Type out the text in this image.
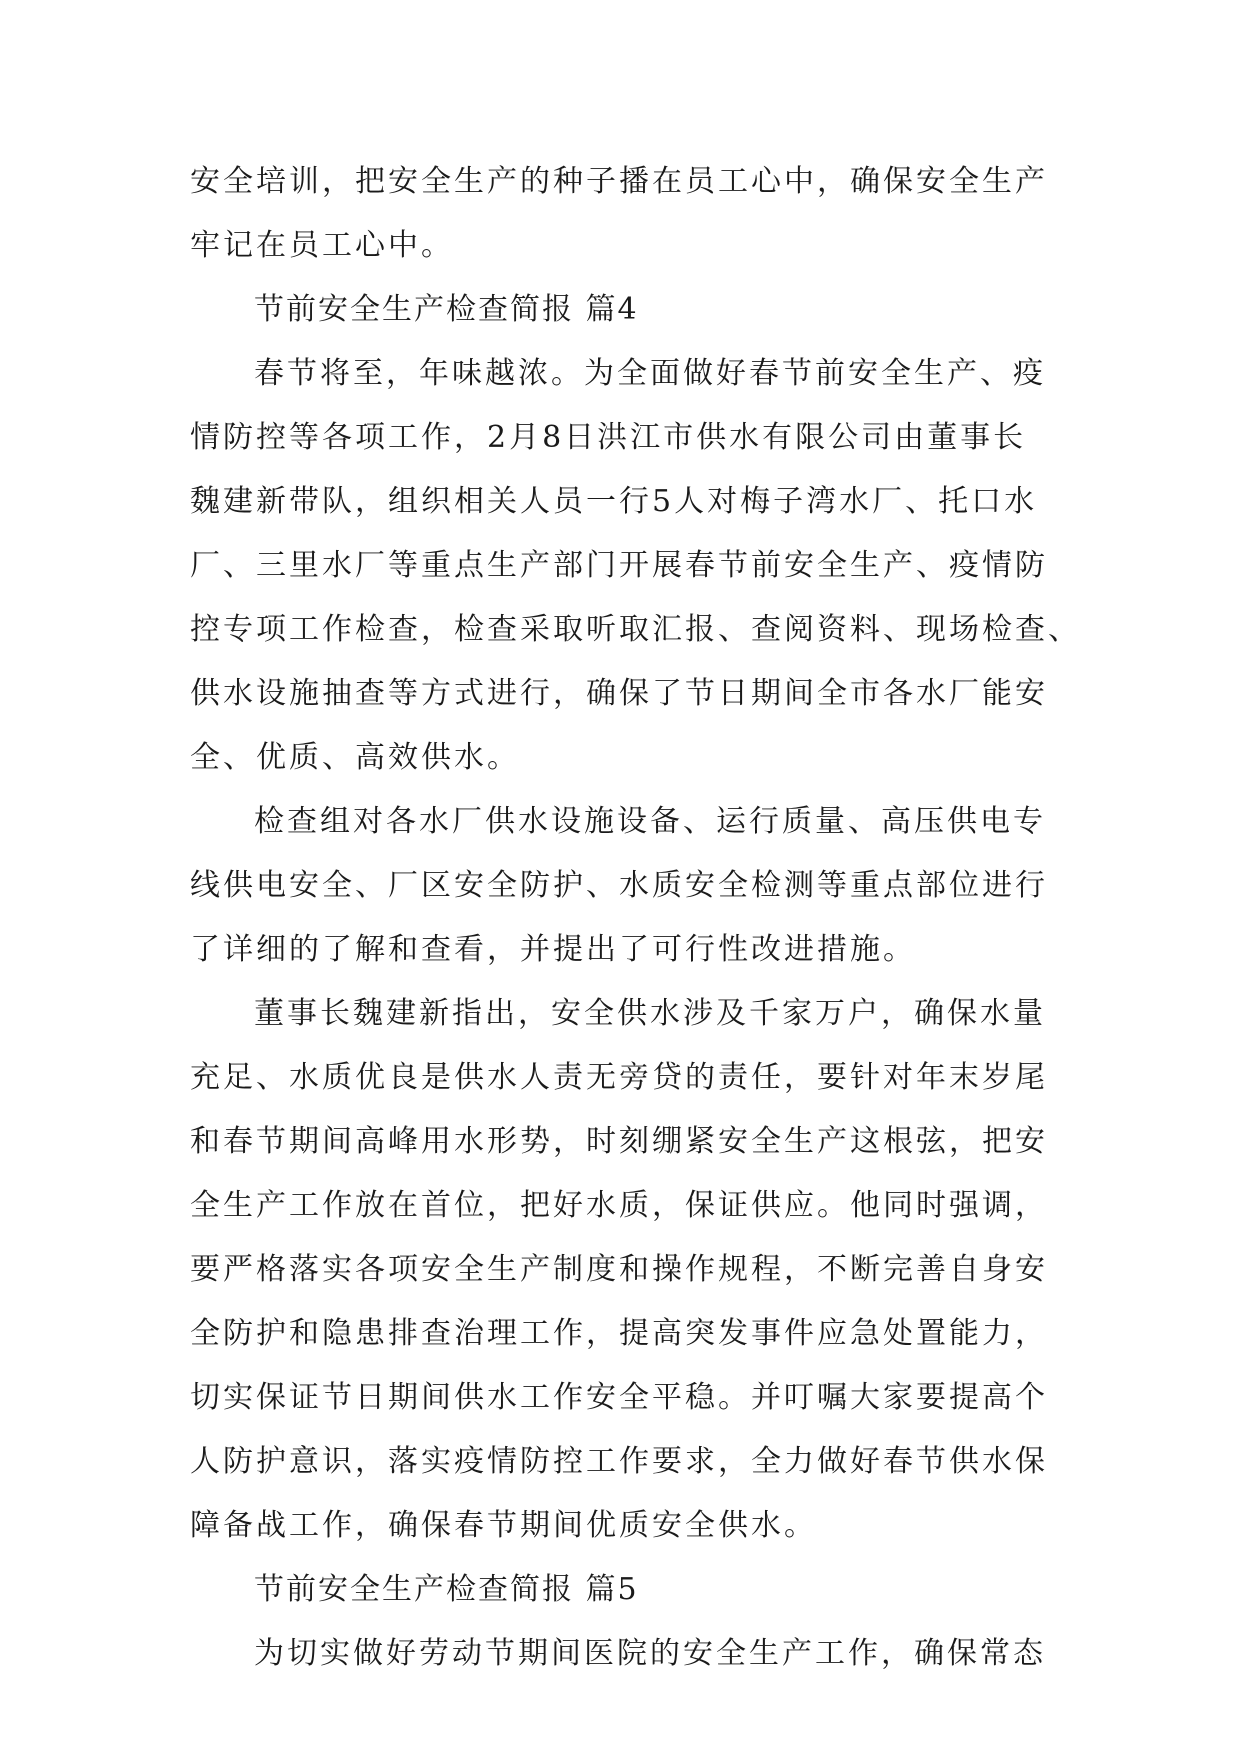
安全培训，把安全生产的种子播在员工心中，确保安全生产
牢记在员工心中。
节前安全生产检查简报 篇4
春节将至，年味越浓。为全面做好春节前安全生产、疫
情防控等各项工作，2月8日洪江市供水有限公司由董事长
魏建新带队，组织相关人员一行5人对梅子湾水厂、托口水
厂、三里水厂等重点生产部门开展春节前安全生产、疫情防
控专项工作检查，检查采取听取汇报、查阅资料、现场检查、
供水设施抽查等方式进行，确保了节日期间全市各水厂能安
全、优质、高效供水。
检查组对各水厂供水设施设备、运行质量、高压供电专
线供电安全、厂区安全防护、水质安全检测等重点部位进行
了详细的了解和查看，并提出了可行性改进措施。
董事长魏建新指出，安全供水涉及千家万户，确保水量
充足、水质优良是供水人责无旁贷的责任，要针对年末岁尾
和春节期间高峰用水形势，时刻绷紧安全生产这根弦，把安
全生产工作放在首位，把好水质，保证供应。他同时强调，
要严格落实各项安全生产制度和操作规程，不断完善自身安
全防护和隐患排查治理工作，提高突发事件应急处置能力，
切实保证节日期间供水工作安全平稳。并叮嘱大家要提高个
人防护意识，落实疫情防控工作要求，全力做好春节供水保
障备战工作，确保春节期间优质安全供水。
节前安全生产检查简报 篇5
为切实做好劳动节期间医院的安全生产工作，确保常态
